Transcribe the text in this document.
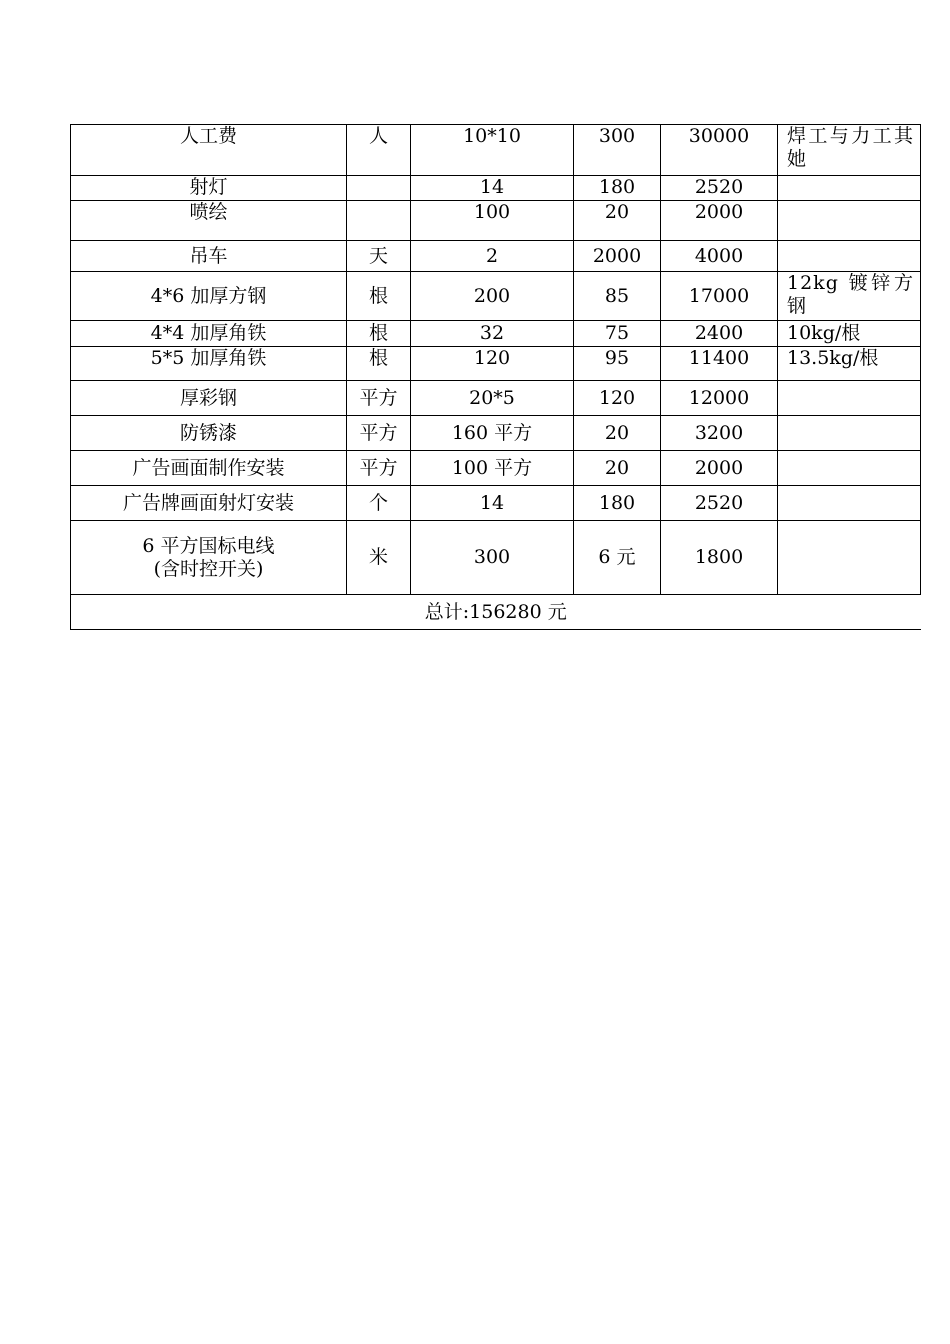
人工费	人	10*10	300	30000	焊工与力工其她
射灯		14	180	2520	
喷绘		100	20	2000	
吊车	天	2	2000	4000	
4*6 加厚方钢	根	200	85	17000	12kg 镀锌方钢
4*4 加厚角铁	根	32	75	2400	10kg/根
5*5 加厚角铁	根	120	95	11400	13.5kg/根
厚彩钢	平方	20*5	120	12000	
防锈漆	平方	160 平方	20	3200	
广告画面制作安装	平方	100 平方	20	2000	
广告牌画面射灯安装	个	14	180	2520	

6 平方国标电线
(含时控开关)	米	300	6 元	1800	
总计:156280 元					
